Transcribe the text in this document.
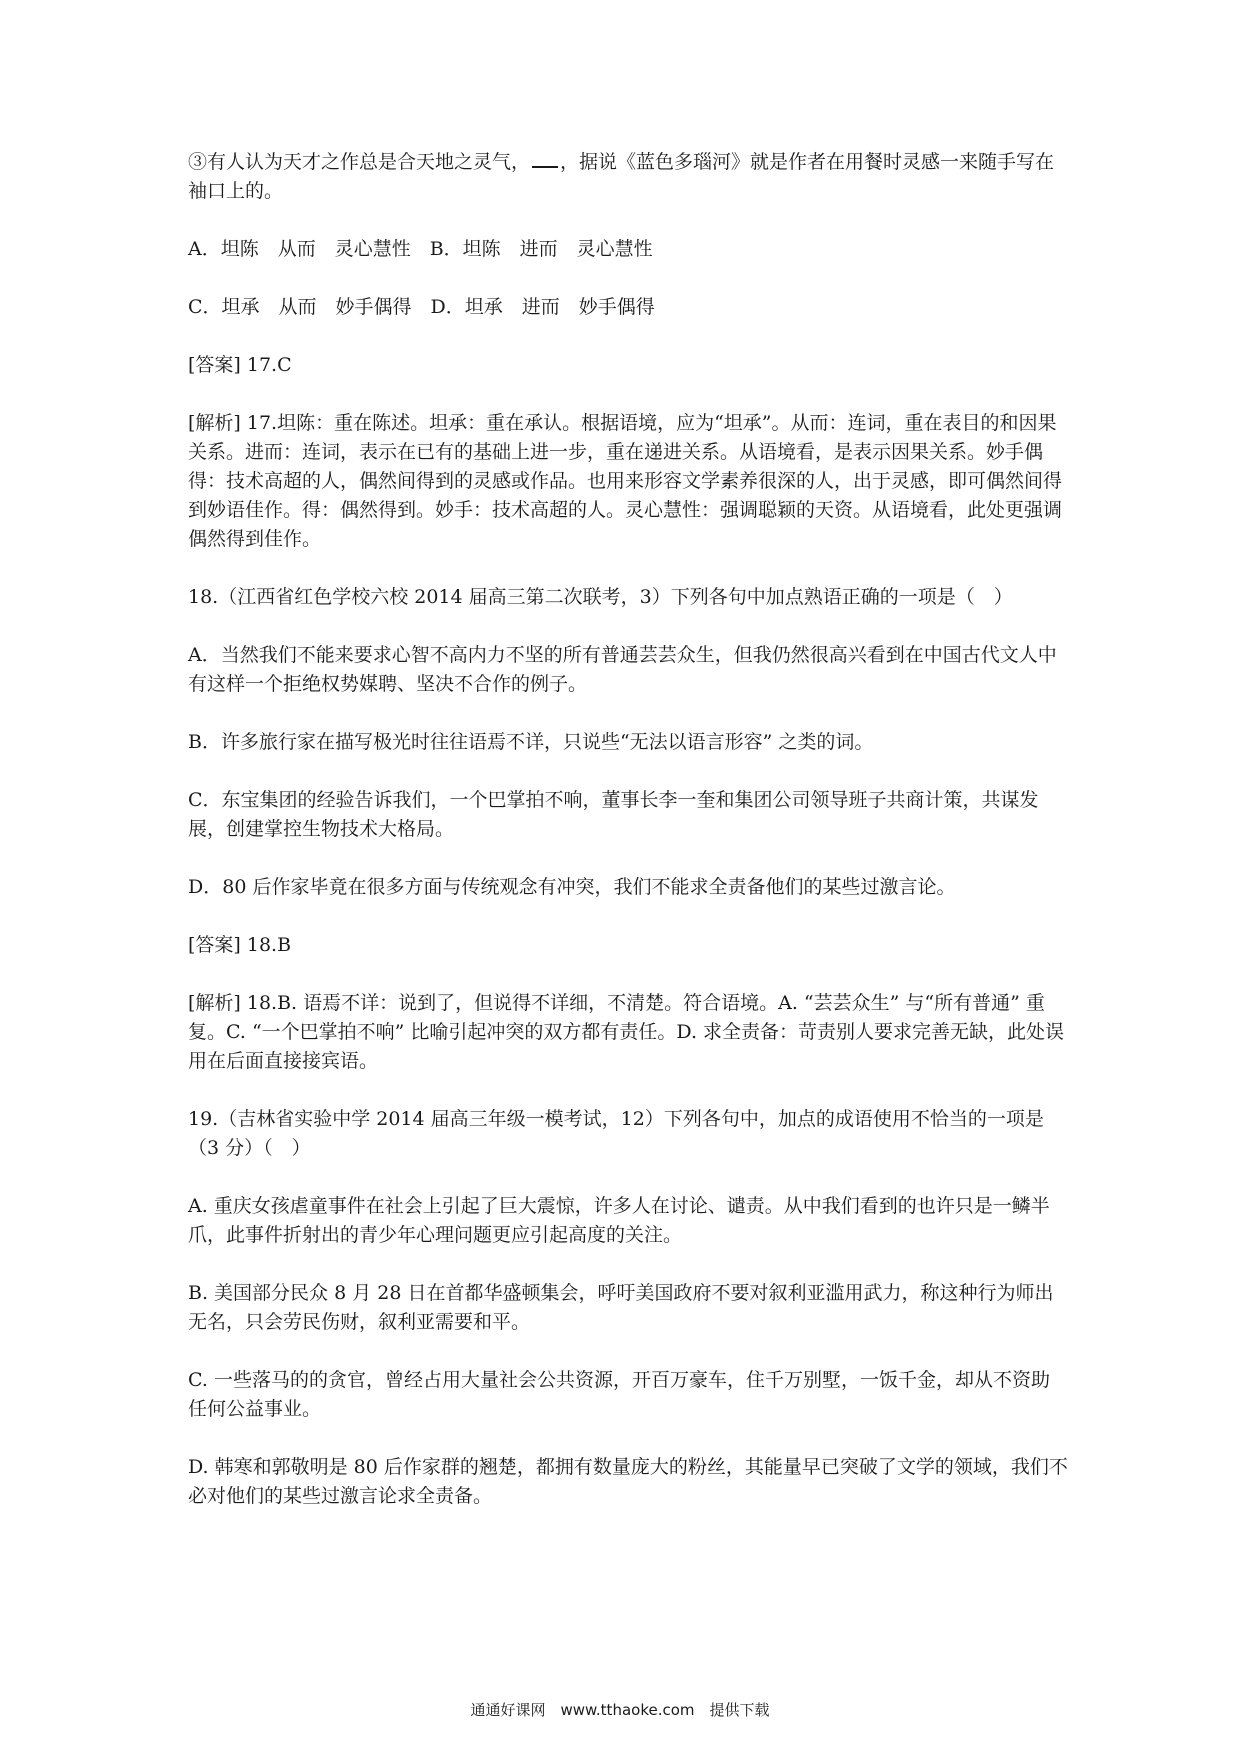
③有人认为天才之作总是合天地之灵气， ，据说《蓝色多瑙河》就是作者在用餐时灵感一来随手写在袖口上的。

A．坦陈　从而　灵心慧性　B．坦陈　进而　灵心慧性

C．坦承　从而　妙手偶得　D．坦承　进而　妙手偶得

[答案] 17.C

[解析] 17.坦陈：重在陈述。坦承：重在承认。根据语境，应为“坦承”。从而：连词，重在表目的和因果关系。进而：连词，表示在已有的基础上进一步，重在递进关系。从语境看，是表示因果关系。妙手偶得：技术高超的人，偶然间得到的灵感或作品。也用来形容文学素养很深的人，出于灵感，即可偶然间得到妙语佳作。得：偶然得到。妙手：技术高超的人。灵心慧性：强调聪颖的天资。从语境看，此处更强调偶然得到佳作。

18.（江西省红色学校六校 2014 届高三第二次联考，3）下列各句中加点熟语正确的一项是（　）

A．当然我们不能来要求心智不高内力不坚的所有普通芸芸众生，但我仍然很高兴看到在中国古代文人中有这样一个拒绝权势媒聘、坚决不合作的例子。

B．许多旅行家在描写极光时往往语焉不详，只说些“无法以语言形容” 之类的词。

C．东宝集团的经验告诉我们，一个巴掌拍不响，董事长李一奎和集团公司领导班子共商计策，共谋发展，创建掌控生物技术大格局。

D．80 后作家毕竟在很多方面与传统观念有冲突，我们不能求全责备他们的某些过激言论。

[答案] 18.B

[解析] 18.B. 语焉不详：说到了，但说得不详细，不清楚。符合语境。A. “芸芸众生” 与“所有普通” 重复。C. “一个巴掌拍不响” 比喻引起冲突的双方都有责任。D. 求全责备：苛责别人要求完善无缺，此处误用在后面直接接宾语。

19.（吉林省实验中学 2014 届高三年级一模考试，12）下列各句中，加点的成语使用不恰当的一项是（3 分）（　）

A. 重庆女孩虐童事件在社会上引起了巨大震惊，许多人在讨论、谴责。从中我们看到的也许只是一鳞半爪，此事件折射出的青少年心理问题更应引起高度的关注。

B. 美国部分民众 8 月 28 日在首都华盛顿集会，呼吁美国政府不要对叙利亚滥用武力，称这种行为师出无名，只会劳民伤财，叙利亚需要和平。

C. 一些落马的的贪官，曾经占用大量社会公共资源，开百万豪车，住千万别墅，一饭千金，却从不资助任何公益事业。

D. 韩寒和郭敬明是 80 后作家群的翘楚，都拥有数量庞大的粉丝，其能量早已突破了文学的领域，我们不必对他们的某些过激言论求全责备。

通通好课网　www.tthaoke.com　提供下载
